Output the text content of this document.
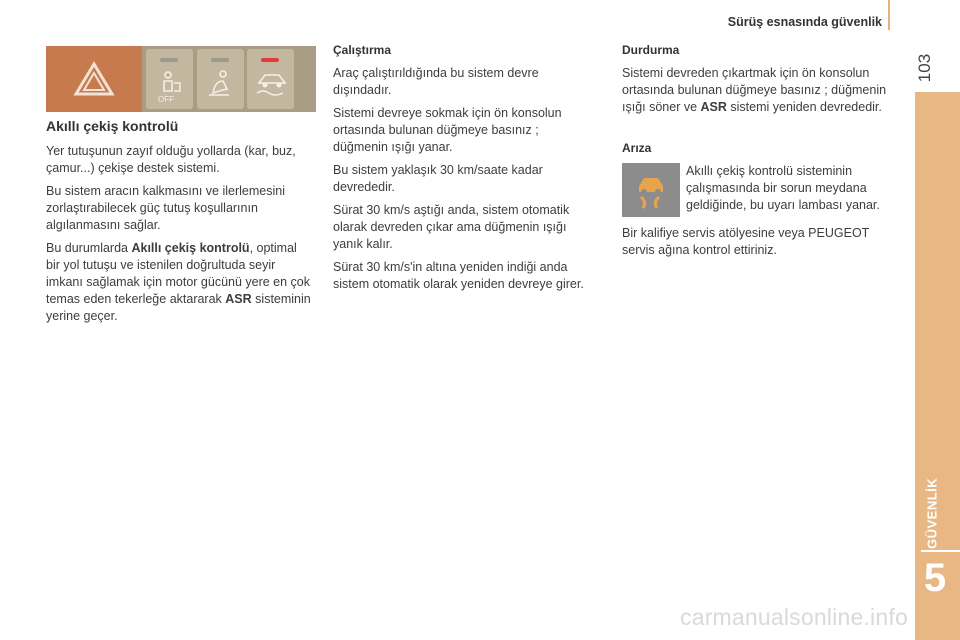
Sürüş esnasında güvenlik
103
GÜVENLİK
5
OFF
Akıllı çekiş kontrolü

Yer tutuşunun zayıf olduğu yollarda (kar, buz, çamur...) çekişe destek sistemi.

Bu sistem aracın kalkmasını ve ilerlemesini zorlaştırabilecek güç tutuş koşullarının algılanmasını sağlar.

Bu durumlarda Akıllı çekiş kontrolü, optimal bir yol tutuşu ve istenilen doğrultuda seyir imkanı sağlamak için motor gücünü yere en çok temas eden tekerleğe aktararak ASR sisteminin yerine geçer.

Çalıştırma

Araç çalıştırıldığında bu sistem devre dışındadır.

Sistemi devreye sokmak için ön konsolun ortasında bulunan düğmeye basınız ; düğmenin ışığı yanar.

Bu sistem yaklaşık 30 km/saate kadar devrededir.

Sürat 30 km/s aştığı anda, sistem otomatik olarak devreden çıkar ama düğmenin ışığı yanık kalır.

Sürat 30 km/s'in altına yeniden indiği anda sistem otomatik olarak yeniden devreye girer.

Durdurma

Sistemi devreden çıkartmak için ön konsolun ortasında bulunan düğmeye basınız ; düğmenin ışığı söner ve ASR sistemi yeniden devrededir.

Arıza

Akıllı çekiş kontrolü sisteminin çalışmasında bir sorun meydana geldiğinde, bu uyarı lambası yanar.

Bir kalifiye servis atölyesine veya PEUGEOT servis ağına kontrol ettiriniz.

carmanualsonline.info
